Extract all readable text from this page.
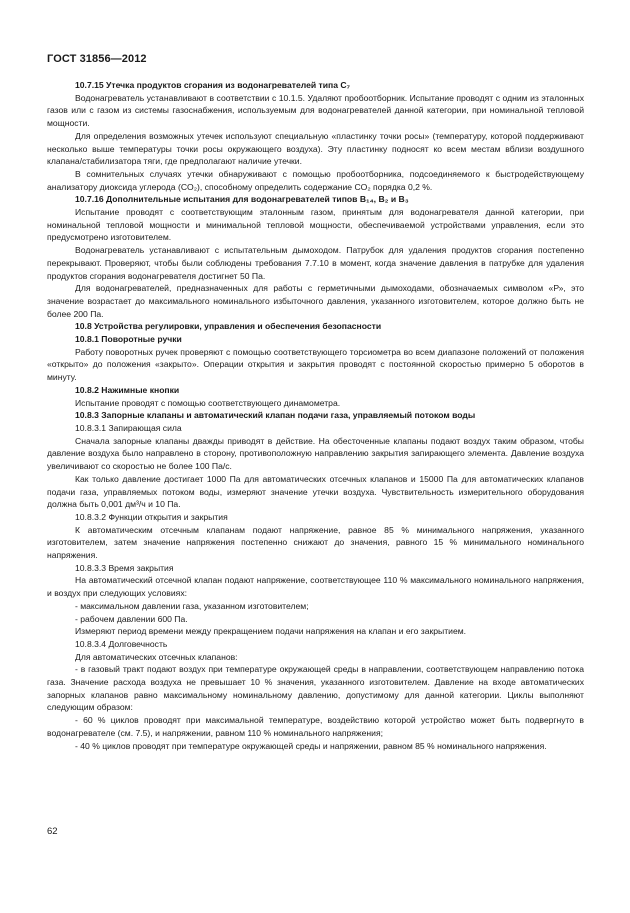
ГОСТ 31856—2012

10.7.15 Утечка продуктов сгорания из водонагревателей типа C₇

Водонагреватель устанавливают в соответствии с 10.1.5. Удаляют пробоотборник. Испытание проводят с одним из эталонных газов или с газом из системы газоснабжения, используемым для водонагревателей данной категории, при номинальной тепловой мощности.

Для определения возможных утечек используют специальную «пластинку точки росы» (температуру, которой поддерживают несколько выше температуры точки росы окружающего воздуха). Эту пластинку подносят ко всем местам вблизи воздушного клапана/стабилизатора тяги, где предполагают наличие утечки.

В сомнительных случаях утечки обнаруживают с помощью пробоотборника, подсоединяемого к быстродействующему анализатору диоксида углерода (CO₂), способному определить содержание CO₂ порядка 0,2 %.

10.7.16 Дополнительные испытания для водонагревателей типов B₁₄, B₂ и B₃

Испытание проводят с соответствующим эталонным газом, принятым для водонагревателя данной категории, при номинальной тепловой мощности и минимальной тепловой мощности, обеспечиваемой устройствами управления, если это предусмотрено изготовителем.

Водонагреватель устанавливают с испытательным дымоходом. Патрубок для удаления продуктов сгорания постепенно перекрывают. Проверяют, чтобы были соблюдены требования 7.7.10 в момент, когда значение давления в патрубке для удаления продуктов сгорания водонагревателя достигнет 50 Па.

Для водонагревателей, предназначенных для работы с герметичными дымоходами, обозначаемых символом «Р», это значение возрастает до максимального номинального избыточного давления, указанного изготовителем, которое должно быть не более 200 Па.

10.8 Устройства регулировки, управления и обеспечения безопасности

10.8.1 Поворотные ручки

Работу поворотных ручек проверяют с помощью соответствующего торсиометра во всем диапазоне положений от положения «открыто» до положения «закрыто». Операции открытия и закрытия проводят с постоянной скоростью примерно 5 оборотов в минуту.

10.8.2 Нажимные кнопки

Испытание проводят с помощью соответствующего динамометра.

10.8.3 Запорные клапаны и автоматический клапан подачи газа, управляемый потоком воды

10.8.3.1 Запирающая сила

Сначала запорные клапаны дважды приводят в действие. На обесточенные клапаны подают воздух таким образом, чтобы давление воздуха было направлено в сторону, противоположную направлению закрытия запирающего элемента. Давление воздуха увеличивают со скоростью не более 100 Па/с.

Как только давление достигает 1000 Па для автоматических отсечных клапанов и 15000 Па для автоматических клапанов подачи газа, управляемых потоком воды, измеряют значение утечки воздуха. Чувствительность измерительного оборудования должна быть 0,001 дм³/ч и 10 Па.

10.8.3.2 Функции открытия и закрытия

К автоматическим отсечным клапанам подают напряжение, равное 85 % минимального напряжения, указанного изготовителем, затем значение напряжения постепенно снижают до значения, равного 15 % минимального номинального напряжения.

10.8.3.3 Время закрытия

На автоматический отсечной клапан подают напряжение, соответствующее 110 % максимального номинального напряжения, и воздух при следующих условиях:

- максимальном давлении газа, указанном изготовителем;

- рабочем давлении 600 Па.

Измеряют период времени между прекращением подачи напряжения на клапан и его закрытием.

10.8.3.4 Долговечность

Для автоматических отсечных клапанов:

- в газовый тракт подают воздух при температуре окружающей среды в направлении, соответствующем направлению потока газа. Значение расхода воздуха не превышает 10 % значения, указанного изготовителем. Давление на входе автоматических запорных клапанов равно максимальному номинальному давлению, допустимому для данной категории. Циклы выполняют следующим образом:

- 60 % циклов проводят при максимальной температуре, воздействию которой устройство может быть подвергнуто в водонагревателе (см. 7.5), и напряжении, равном 110 % номинального напряжения;

- 40 % циклов проводят при температуре окружающей среды и напряжении, равном 85 % номинального напряжения.

62
